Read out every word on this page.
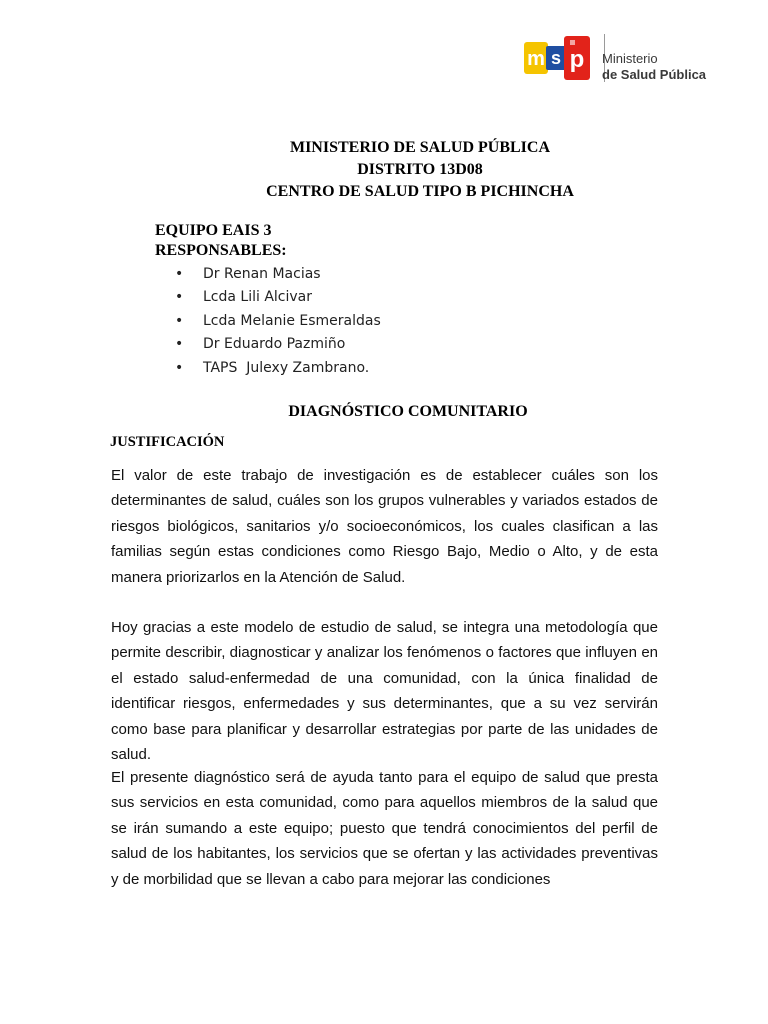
m s p Ministerio
de Salud Pública
MINISTERIO DE SALUD PÚBLICA
DISTRITO 13D08
CENTRO DE SALUD TIPO B PICHINCHA
EQUIPO EAIS 3
RESPONSABLES:
• Dr Renan Macias
• Lcda Lili Alcivar
• Lcda Melanie Esmeraldas
• Dr Eduardo Pazmiño
• TAPS  Julexy Zambrano.
DIAGNÓSTICO COMUNITARIO
JUSTIFICACIÓN

El valor de este trabajo de investigación es de establecer cuáles son los determinantes de salud, cuáles son los grupos vulnerables y variados estados de riesgos biológicos, sanitarios y/o socioeconómicos, los cuales clasifican a las familias según estas condiciones como Riesgo Bajo, Medio o Alto, y de esta manera priorizarlos en la Atención de Salud.

Hoy gracias a este modelo de estudio de salud, se integra una metodología que permite describir, diagnosticar y analizar los fenómenos o factores que influyen en el estado salud-enfermedad de una comunidad, con la única finalidad de identificar riesgos, enfermedades y sus determinantes, que a su vez servirán como base para planificar y desarrollar estrategias por parte de las unidades de salud.

El presente diagnóstico será de ayuda tanto para el equipo de salud que presta sus servicios en esta comunidad, como para aquellos miembros de la salud que se irán sumando a este equipo; puesto que tendrá conocimientos del perfil de salud de los habitantes, los servicios que se ofertan y las actividades preventivas y de morbilidad que se llevan a cabo para mejorar las condiciones
